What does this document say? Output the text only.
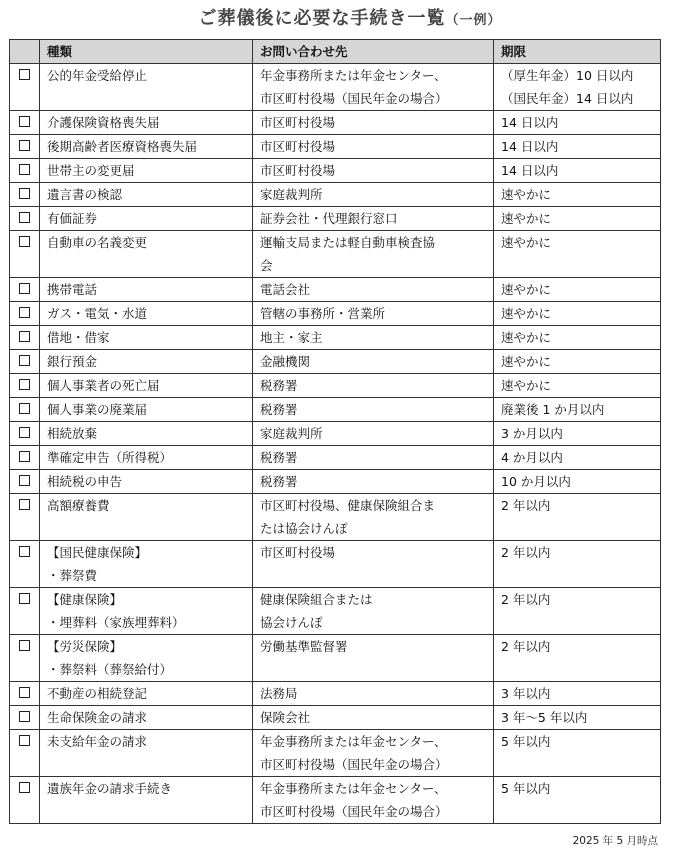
ご葬儀後に必要な手続き一覧（一例）
	種類	お問い合わせ先	期限

	公的年金受給停止	年金事務所または年金センター、
市区町村役場（国民年金の場合）	（厚生年金）10 日以内
（国民年金）14 日以内

	介護保険資格喪失届	市区町村役場	14 日以内

	後期高齢者医療資格喪失届	市区町村役場	14 日以内

	世帯主の変更届	市区町村役場	14 日以内

	遺言書の検認	家庭裁判所	速やかに

	有価証券	証券会社・代理銀行窓口	速やかに

	自動車の名義変更	運輸支局または軽自動車検査協
会	速やかに

	携帯電話	電話会社	速やかに

	ガス・電気・水道	管轄の事務所・営業所	速やかに

	借地・借家	地主・家主	速やかに

	銀行預金	金融機関	速やかに

	個人事業者の死亡届	税務署	速やかに

	個人事業の廃業届	税務署	廃業後 1 か月以内

	相続放棄	家庭裁判所	3 か月以内

	準確定申告（所得税）	税務署	4 か月以内

	相続税の申告	税務署	10 か月以内

	高額療養費	市区町村役場、健康保険組合ま
たは協会けんぽ	2 年以内

	【国民健康保険】
・葬祭費	市区町村役場	2 年以内

	【健康保険】
・埋葬料（家族埋葬料）	健康保険組合または
協会けんぽ	2 年以内

	【労災保険】
・葬祭料（葬祭給付）	労働基準監督署	2 年以内

	不動産の相続登記	法務局	3 年以内

	生命保険金の請求	保険会社	3 年～5 年以内

	未支給年金の請求	年金事務所または年金センター、
市区町村役場（国民年金の場合）	5 年以内

	遺族年金の請求手続き	年金事務所または年金センター、
市区町村役場（国民年金の場合）	5 年以内
2025 年 5 月時点
